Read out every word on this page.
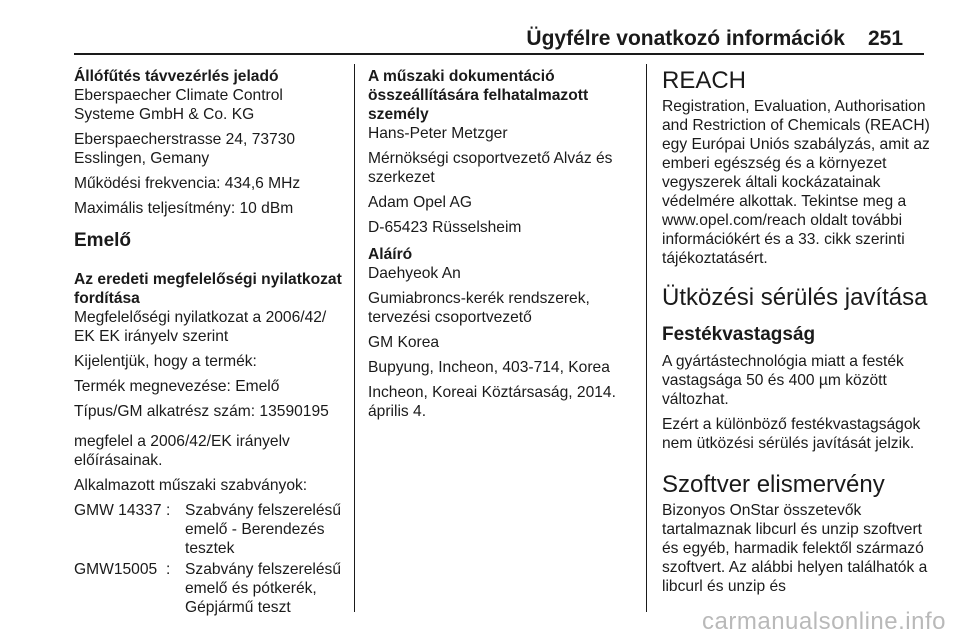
Ügyfélre vonatkozó információk 251

Állófűtés távvezérlés jeladó

Eberspaecher Climate Control Systeme GmbH & Co. KG

Eberspaecherstrasse 24, 73730 Esslingen, Gemany

Működési frekvencia: 434,6 MHz

Maximális teljesítmény: 10 dBm

Emelő

Az eredeti megfelelőségi nyilatkozat fordítása

Megfelelőségi nyilatkozat a 2006/42/ EK EK irányelv szerint

Kijelentjük, hogy a termék:

Termék megnevezése: Emelő

Típus/GM alkatrész szám: 13590195

megfelel a 2006/42/EK irányelv előírásainak.

Alkalmazott műszaki szabványok:

GMW 14337 : Szabvány felszerelésű emelő - Berendezés tesztek
GMW15005 : Szabvány felszerelésű emelő és pótkerék, Gépjármű teszt

A műszaki dokumentáció összeállítására felhatalmazott személy

Hans-Peter Metzger

Mérnökségi csoportvezető Alváz és szerkezet

Adam Opel AG

D-65423 Rüsselsheim

Aláíró

Daehyeok An

Gumiabroncs-kerék rendszerek, tervezési csoportvezető

GM Korea

Bupyung, Incheon, 403-714, Korea

Incheon, Koreai Köztársaság, 2014. április 4.

REACH

Registration, Evaluation, Authorisation and Restriction of Chemicals (REACH) egy Európai Uniós szabályzás, amit az emberi egészség és a környezet vegyszerek általi kockázatainak védelmére alkottak. Tekintse meg a www.opel.com/reach oldalt további információkért és a 33. cikk szerinti tájékoztatásért.

Ütközési sérülés javítása
Festékvastagság

A gyártástechnológia miatt a festék vastagsága 50 és 400 µm között változhat.

Ezért a különböző festékvastagságok nem ütközési sérülés javítását jelzik.

Szoftver elismervény

Bizonyos OnStar összetevők tartalmaznak libcurl és unzip szoftvert és egyéb, harmadik felektől származó szoftvert. Az alábbi helyen találhatók a libcurl és unzip és

carmanualsonline.info
